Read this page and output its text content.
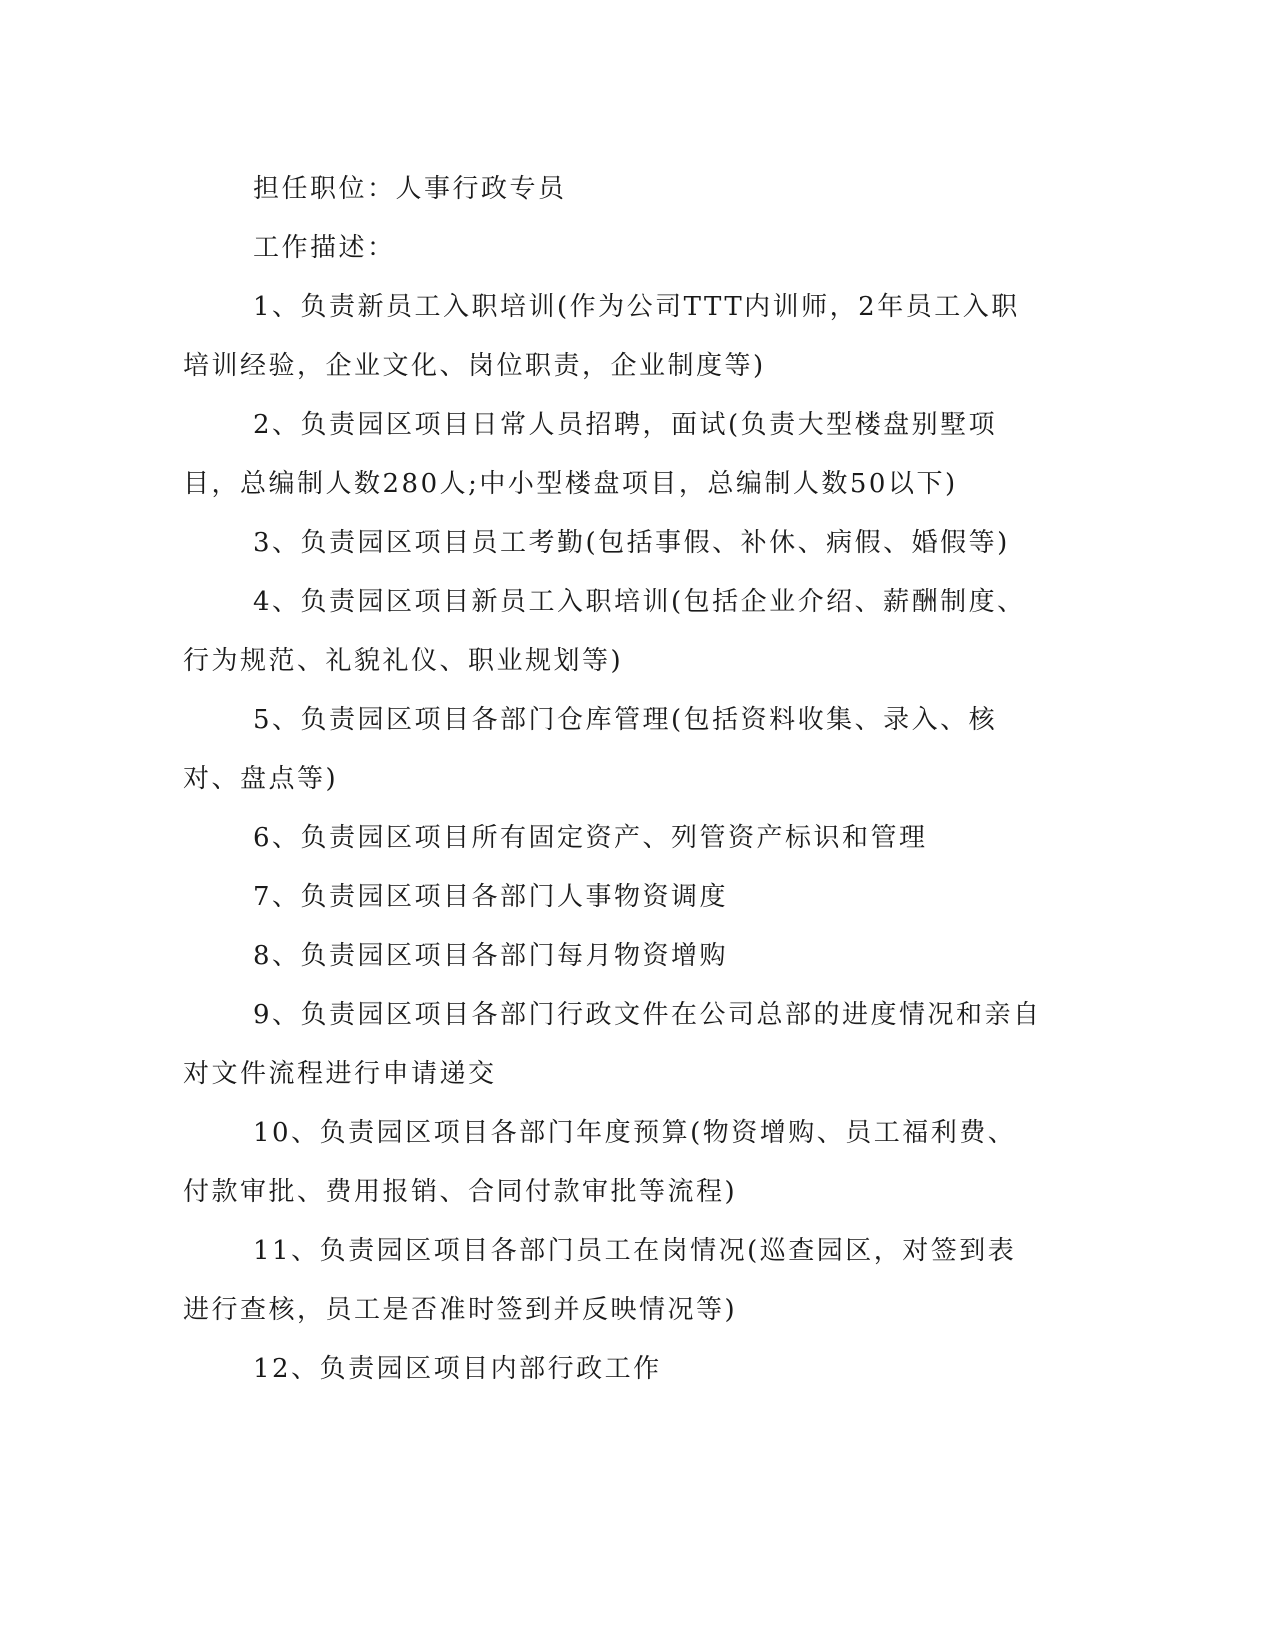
担任职位：人事行政专员

工作描述：

1、负责新员工入职培训(作为公司TTT内训师，2年员工入职培训经验，企业文化、岗位职责，企业制度等)

2、负责园区项目日常人员招聘，面试(负责大型楼盘别墅项目，总编制人数280人;中小型楼盘项目，总编制人数50以下)

3、负责园区项目员工考勤(包括事假、补休、病假、婚假等)

4、负责园区项目新员工入职培训(包括企业介绍、薪酬制度、行为规范、礼貌礼仪、职业规划等)

5、负责园区项目各部门仓库管理(包括资料收集、录入、核对、盘点等)

6、负责园区项目所有固定资产、列管资产标识和管理

7、负责园区项目各部门人事物资调度

8、负责园区项目各部门每月物资增购

9、负责园区项目各部门行政文件在公司总部的进度情况和亲自对文件流程进行申请递交

10、负责园区项目各部门年度预算(物资增购、员工福利费、付款审批、费用报销、合同付款审批等流程)

11、负责园区项目各部门员工在岗情况(巡查园区，对签到表进行查核，员工是否准时签到并反映情况等)

12、负责园区项目内部行政工作
